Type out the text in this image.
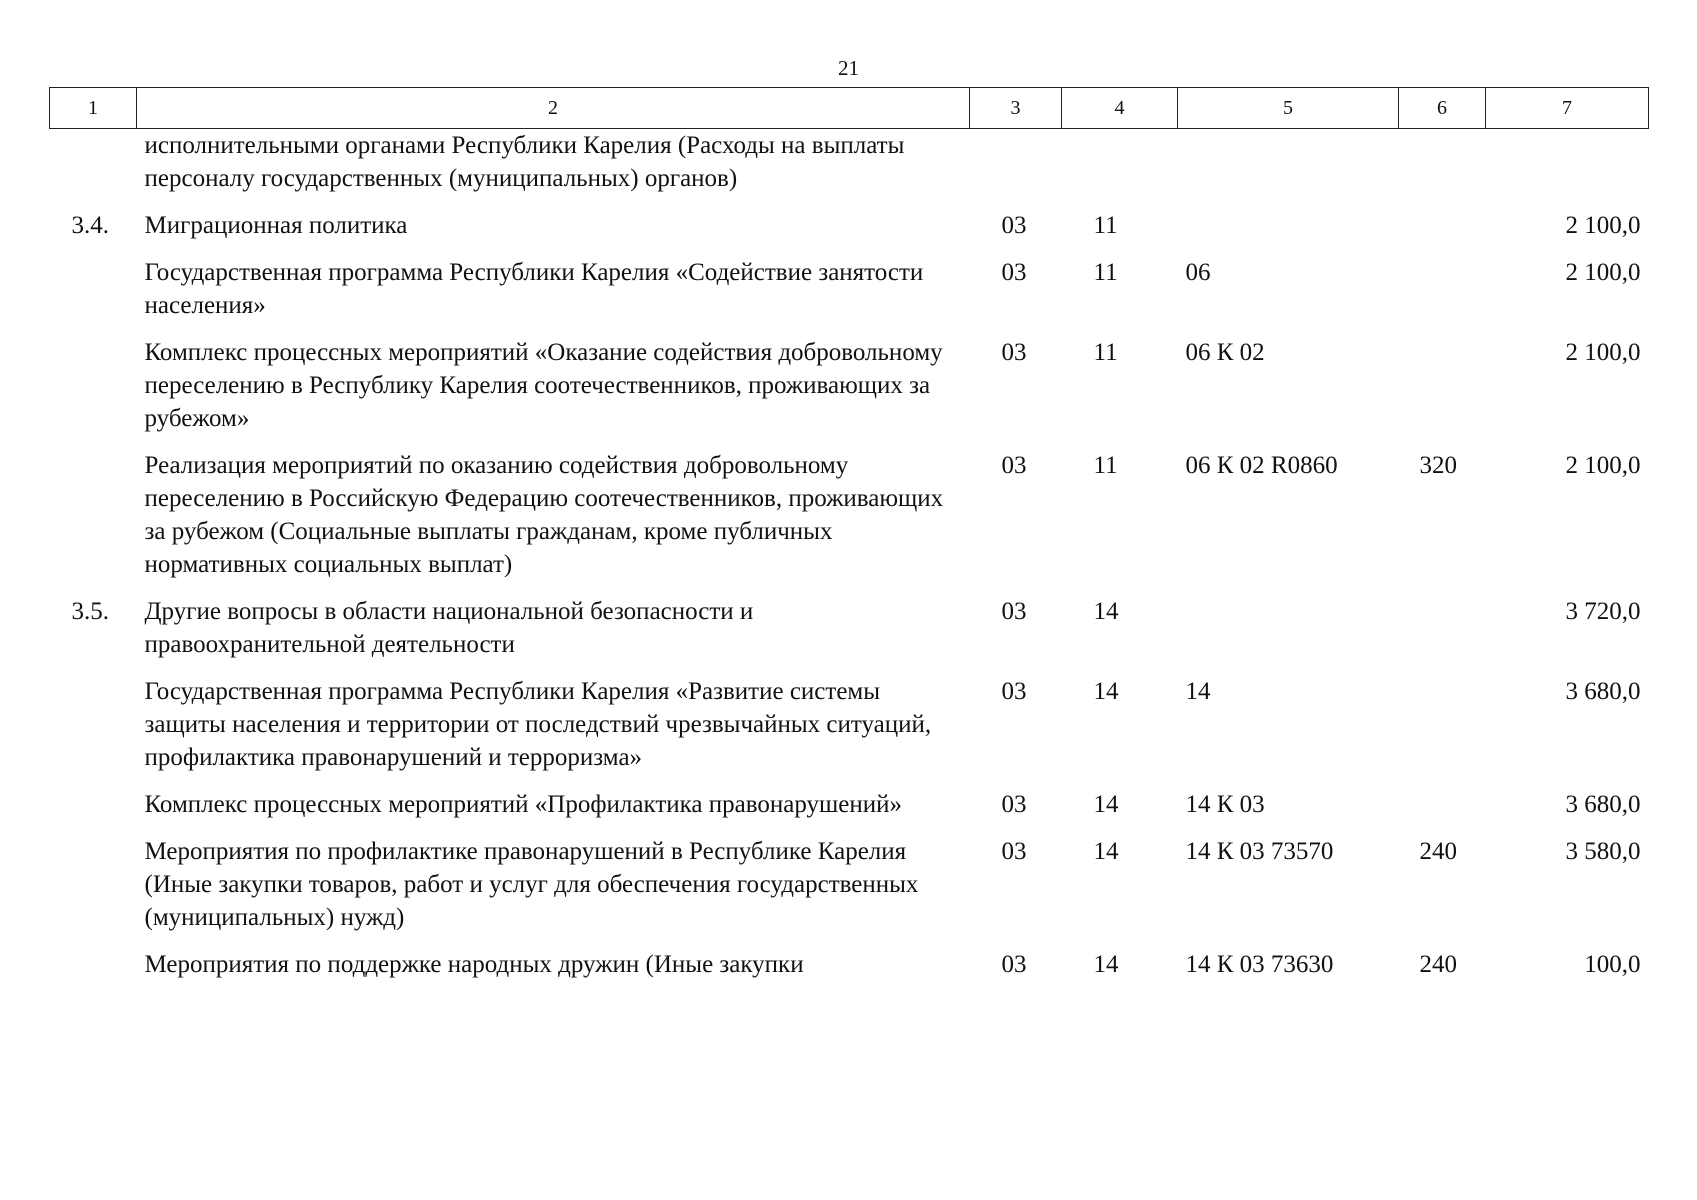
21
1	2	3	4	5	6	7
	исполнительными органами Республики Карелия (Расходы на выплаты персоналу государственных (муниципальных) органов)					
3.4.	Миграционная политика	03	11			2 100,0
	Государственная программа Республики Карелия «Содействие занятости населения»	03	11	06		2 100,0
	Комплекс процессных мероприятий «Оказание содействия добровольному переселению в Республику Карелия соотечественников, проживающих за рубежом»	03	11	06 К 02		2 100,0
	Реализация мероприятий по оказанию содействия добровольному переселению в Российскую Федерацию соотечественников, проживающих за рубежом (Социальные выплаты гражданам, кроме публичных нормативных социальных выплат)	03	11	06 К 02 R0860	320	2 100,0
3.5.	Другие вопросы в области национальной безопасности и правоохранительной деятельности	03	14			3 720,0
	Государственная программа Республики Карелия «Развитие системы защиты населения и территории от последствий чрезвычайных ситуаций, профилактика правонарушений и терроризма»	03	14	14		3 680,0
	Комплекс процессных мероприятий «Профилактика правонарушений»	03	14	14 К 03		3 680,0
	Мероприятия по профилактике правонарушений в Республике Карелия (Иные закупки товаров, работ и услуг для обеспечения государственных (муниципальных) нужд)	03	14	14 К 03 73570	240	3 580,0
	Мероприятия по поддержке народных дружин (Иные закупки	03	14	14 К 03 73630	240	100,0
